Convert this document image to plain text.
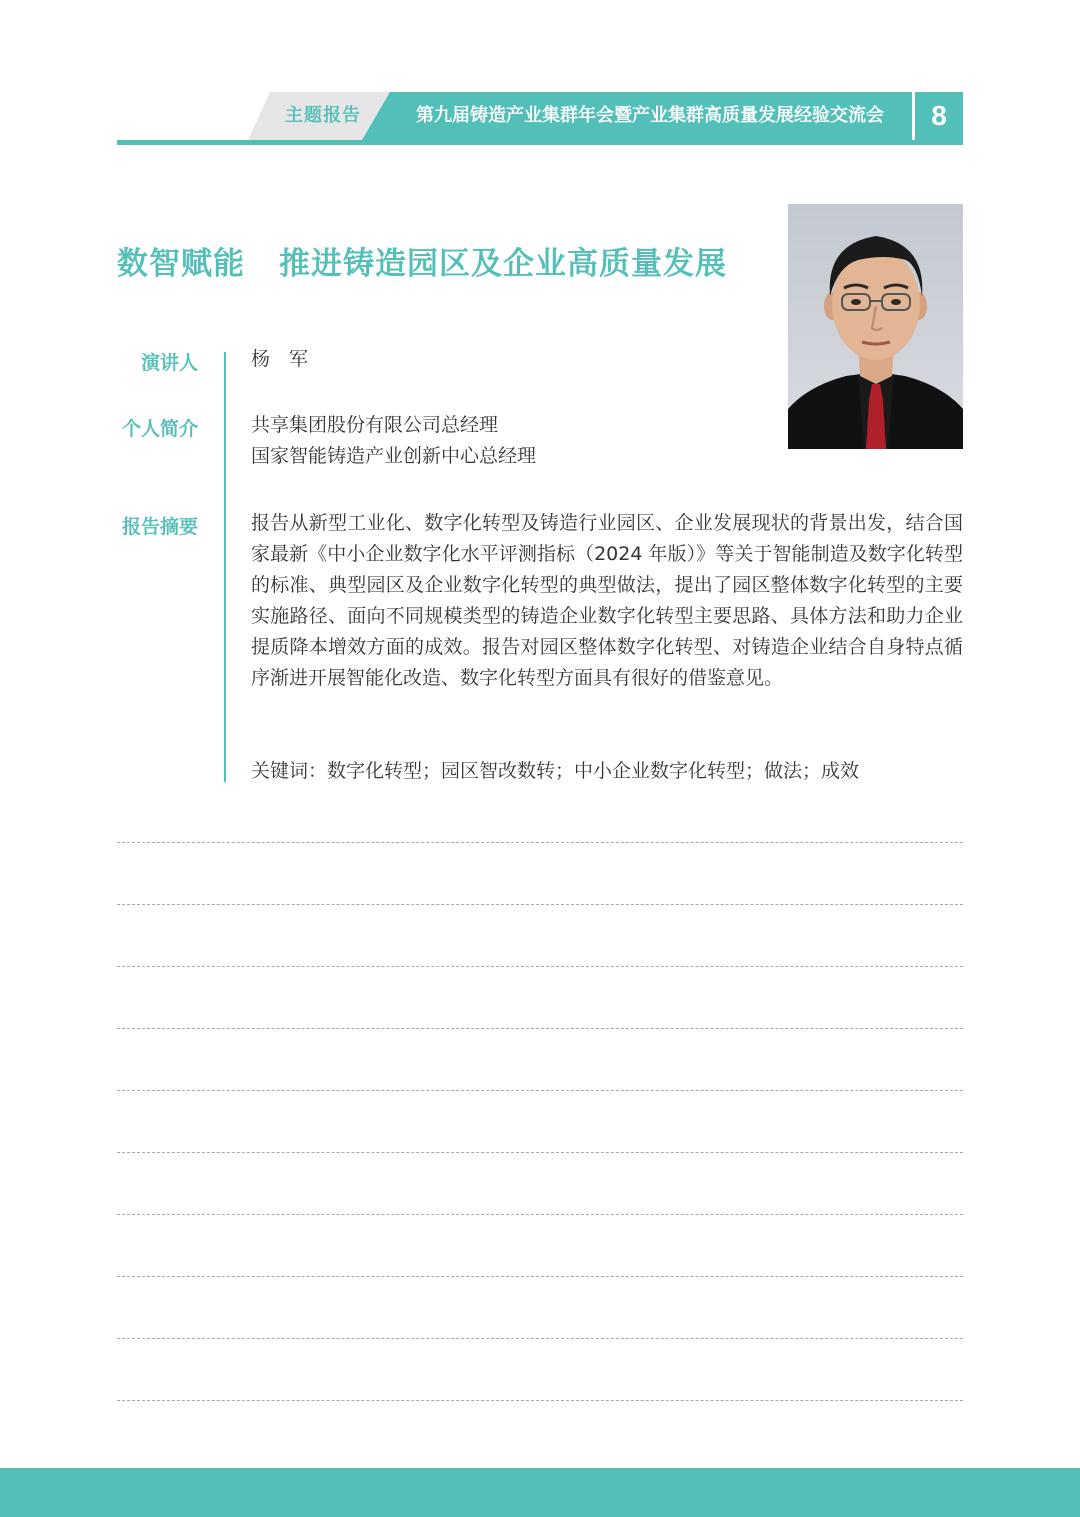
主题报告	第九届铸造产业集群年会暨产业集群高质量发展经验交流会	8
数智赋能 推进铸造园区及企业高质量发展
演讲人	杨　军
个人简介	共享集团股份有限公司总经理
国家智能铸造产业创新中心总经理
报告摘要	报告从新型工业化、数字化转型及铸造行业园区、企业发展现状的背景出发，结合国家最新《中小企业数字化水平评测指标（2024 年版）》等关于智能制造及数字化转型的标准、典型园区及企业数字化转型的典型做法，提出了园区整体数字化转型的主要实施路径、面向不同规模类型的铸造企业数字化转型主要思路、具体方法和助力企业提质降本增效方面的成效。报告对园区整体数字化转型、对铸造企业结合自身特点循序渐进开展智能化改造、数字化转型方面具有很好的借鉴意见。
关键词：数字化转型；园区智改数转；中小企业数字化转型；做法；成效
